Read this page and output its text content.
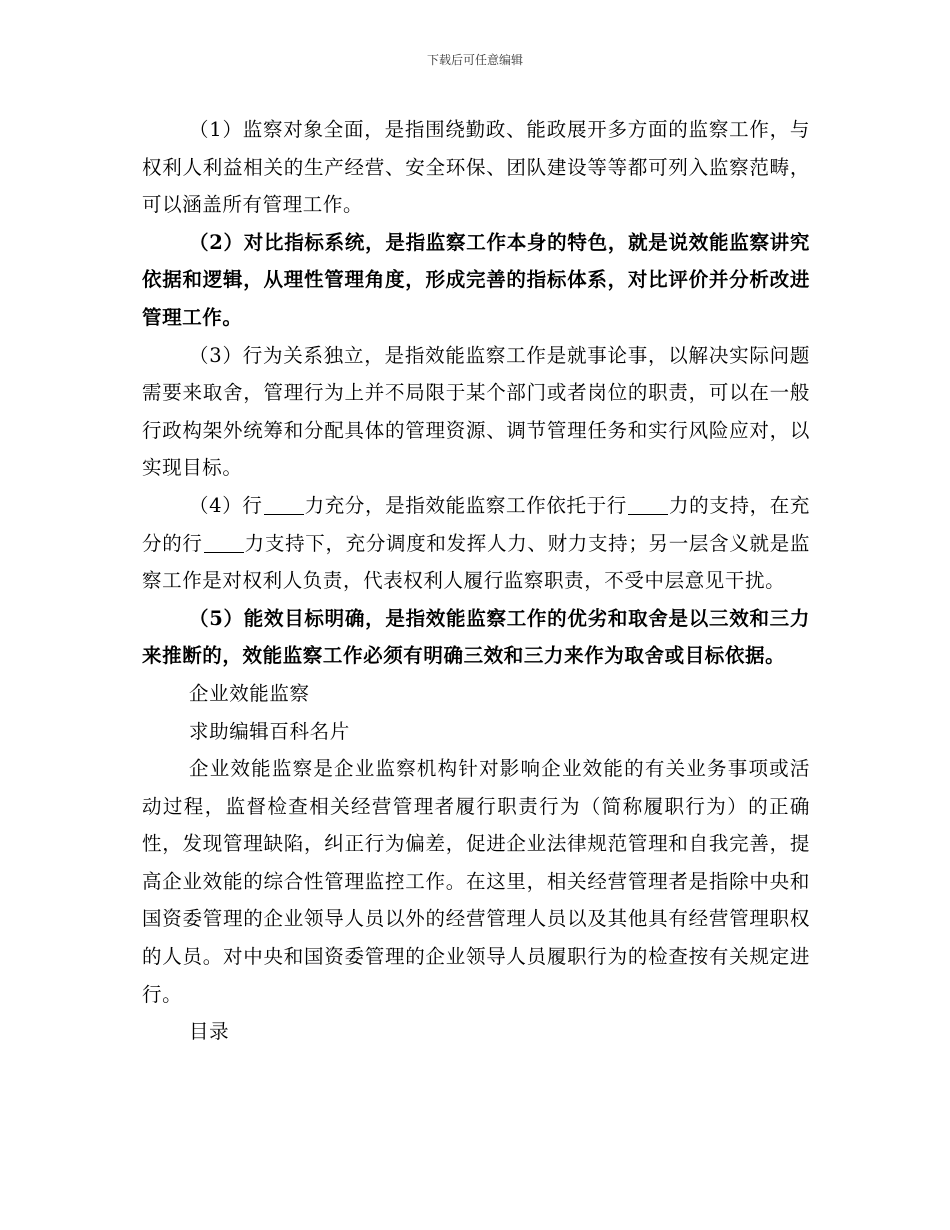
下载后可任意编辑

（1）监察对象全面，是指围绕勤政、能政展开多方面的监察工作，与权利人利益相关的生产经营、安全环保、团队建设等等都可列入监察范畴，可以涵盖所有管理工作。

（2）对比指标系统，是指监察工作本身的特色，就是说效能监察讲究依据和逻辑，从理性管理角度，形成完善的指标体系，对比评价并分析改进管理工作。

（3）行为关系独立，是指效能监察工作是就事论事，以解决实际问题需要来取舍，管理行为上并不局限于某个部门或者岗位的职责，可以在一般行政构架外统筹和分配具体的管理资源、调节管理任务和实行风险应对，以实现目标。

（4）行 力充分，是指效能监察工作依托于行 力的支持，在充分的行 力支持下，充分调度和发挥人力、财力支持；另一层含义就是监察工作是对权利人负责，代表权利人履行监察职责，不受中层意见干扰。

（5）能效目标明确，是指效能监察工作的优劣和取舍是以三效和三力来推断的，效能监察工作必须有明确三效和三力来作为取舍或目标依据。

企业效能监察

求助编辑百科名片

企业效能监察是企业监察机构针对影响企业效能的有关业务事项或活动过程，监督检查相关经营管理者履行职责行为（简称履职行为）的正确性，发现管理缺陷，纠正行为偏差，促进企业法律规范管理和自我完善，提高企业效能的综合性管理监控工作。在这里，相关经营管理者是指除中央和国资委管理的企业领导人员以外的经营管理人员以及其他具有经营管理职权的人员。对中央和国资委管理的企业领导人员履职行为的检查按有关规定进行。

目录
